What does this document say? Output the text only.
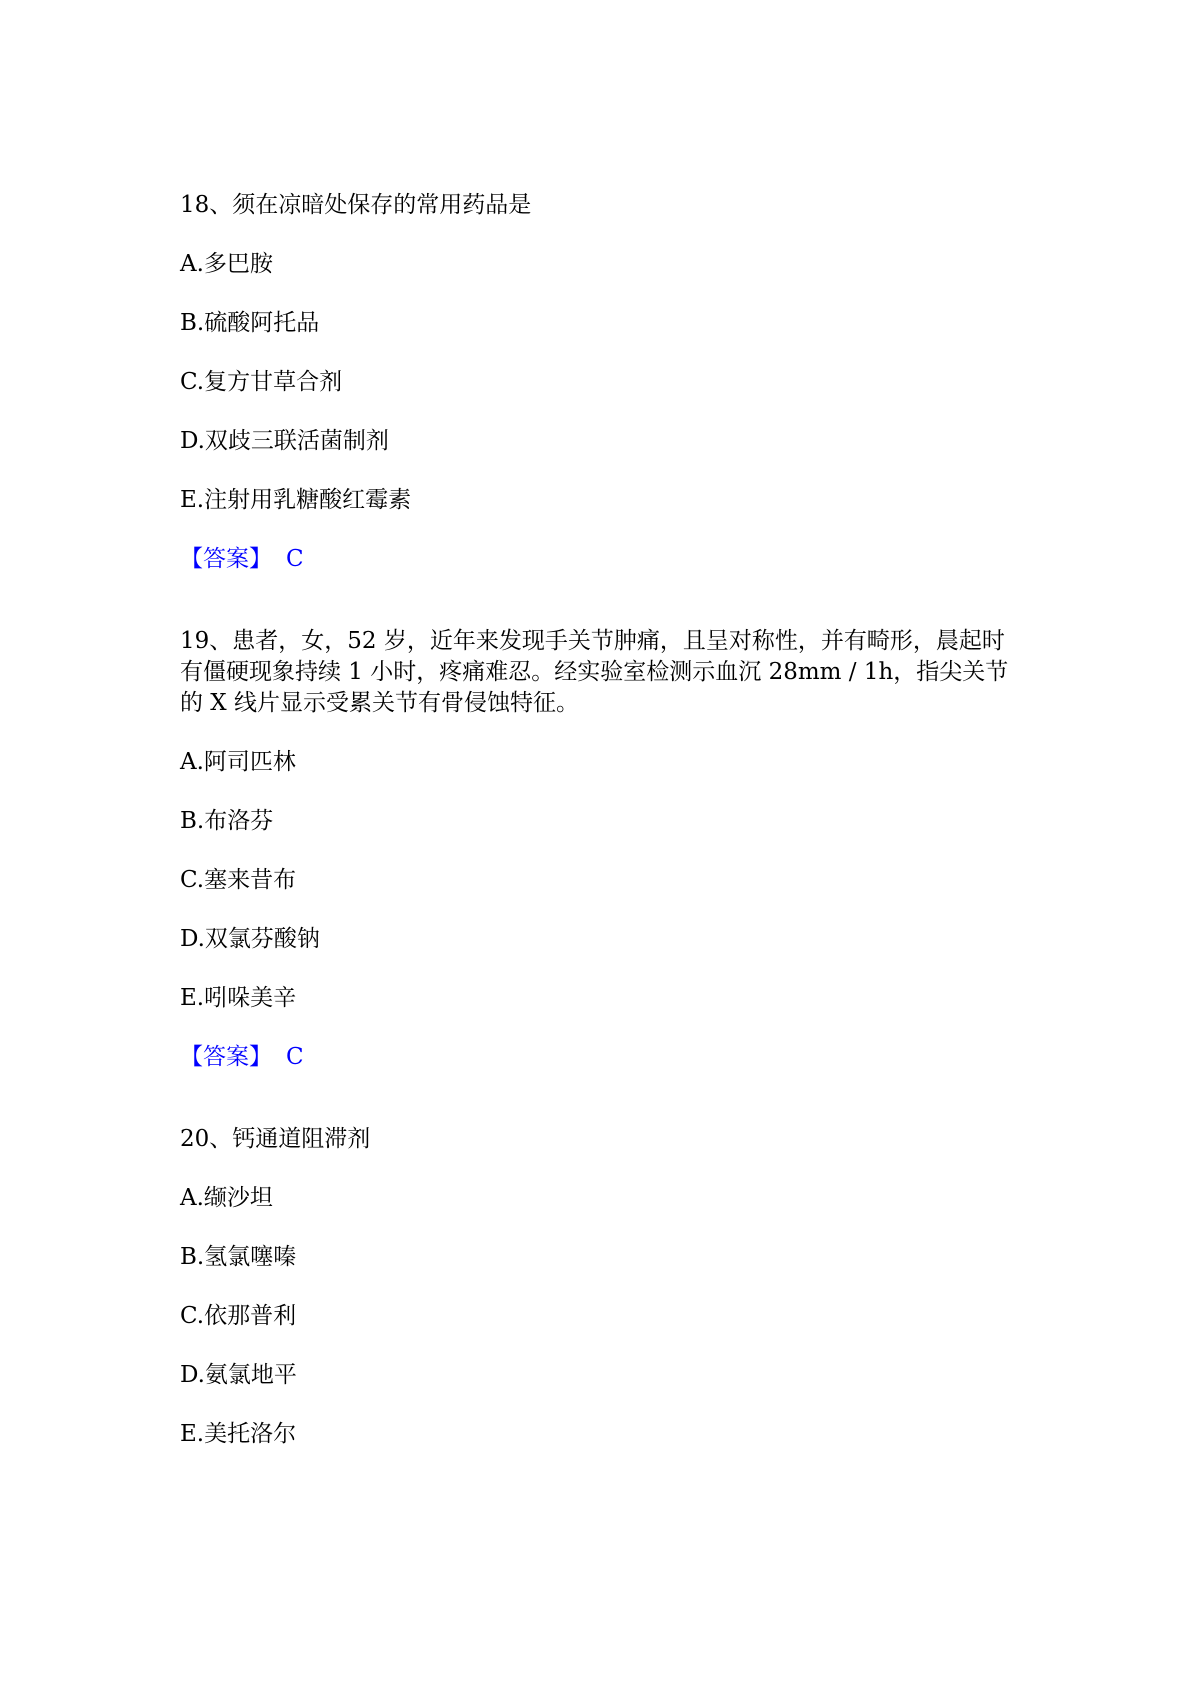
18、须在凉暗处保存的常用药品是

A.多巴胺

B.硫酸阿托品

C.复方甘草合剂

D.双歧三联活菌制剂

E.注射用乳糖酸红霉素

【答案】 C

19、患者，女，52 岁，近年来发现手关节肿痛，且呈对称性，并有畸形，晨起时有僵硬现象持续 1 小时，疼痛难忍。经实验室检测示血沉 28mm / 1h，指尖关节的 X 线片显示受累关节有骨侵蚀特征。

A.阿司匹林

B.布洛芬

C.塞来昔布

D.双氯芬酸钠

E.吲哚美辛

【答案】 C

20、钙通道阻滞剂

A.缬沙坦

B.氢氯噻嗪

C.依那普利

D.氨氯地平

E.美托洛尔
